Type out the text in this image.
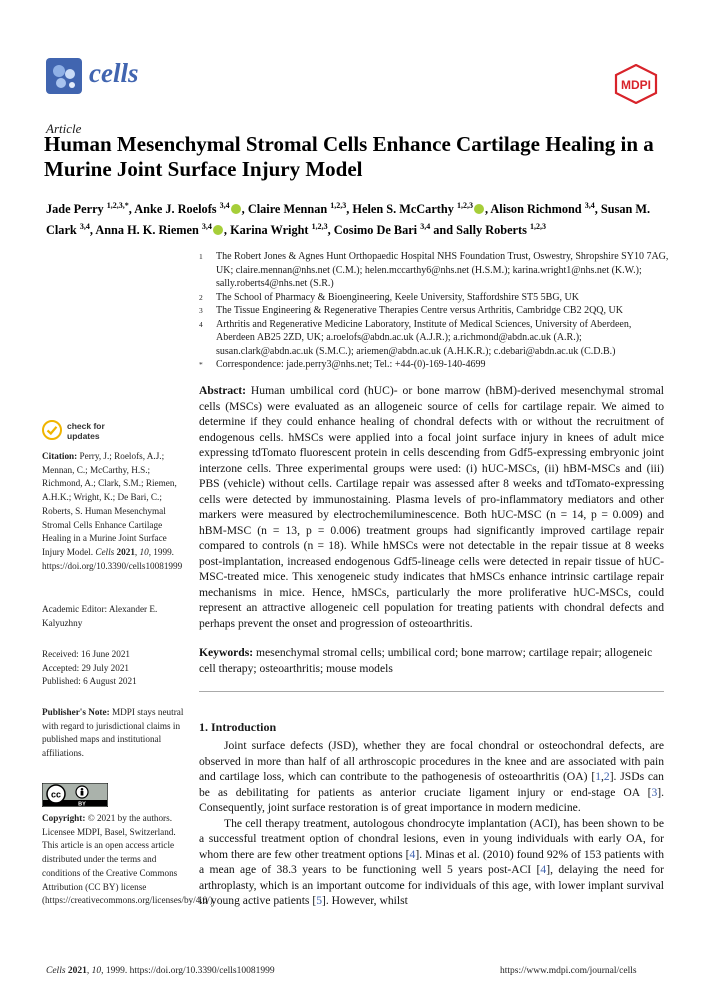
cells	MDPI
Article
Human Mesenchymal Stromal Cells Enhance Cartilage Healing in a Murine Joint Surface Injury Model
Jade Perry $^{1,2,3,*}$, Anke J. Roelofs $^{3,4}$ , Claire Mennan $^{1,2,3}$, Helen S. McCarthy $^{1,2,3}$ , Alison Richmond $^{3,4}$, Susan M. Clark $^{3,4}$, Anna H. K. Riemen $^{3,4}$ , Karina Wright $^{1,2,3}$, Cosimo De Bari $^{3,4}$ and Sally Roberts $^{1,2,3}$
1 The Robert Jones & Agnes Hunt Orthopaedic Hospital NHS Foundation Trust, Oswestry, Shropshire SY10 7AG, UK; claire.mennan@nhs.net (C.M.); helen.mccarthy6@nhs.net (H.S.M.); karina.wright1@nhs.net (K.W.); sally.roberts4@nhs.net (S.R.)
2 The School of Pharmacy & Bioengineering, Keele University, Staffordshire ST5 5BG, UK
3 The Tissue Engineering & Regenerative Therapies Centre versus Arthritis, Cambridge CB2 2QQ, UK
4 Arthritis and Regenerative Medicine Laboratory, Institute of Medical Sciences, University of Aberdeen, Aberdeen AB25 2ZD, UK; a.roelofs@abdn.ac.uk (A.J.R.); a.richmond@abdn.ac.uk (A.R.); susan.clark@abdn.ac.uk (S.M.C.); ariemen@abdn.ac.uk (A.H.K.R.); c.debari@abdn.ac.uk (C.D.B.)
* Correspondence: jade.perry3@nhs.net; Tel.: +44-(0)-169-140-4699
check for
updates
Citation: Perry, J.; Roelofs, A.J.; Mennan, C.; McCarthy, H.S.; Richmond, A.; Clark, S.M.; Riemen, A.H.K.; Wright, K.; De Bari, C.; Roberts, S. Human Mesenchymal Stromal Cells Enhance Cartilage Healing in a Murine Joint Surface Injury Model. Cells 2021, 10, 1999. https://doi.org/10.3390/cells10081999
Academic Editor: Alexander E. Kalyuzhny
Received: 16 June 2021
Accepted: 29 July 2021
Published: 6 August 2021
Publisher's Note: MDPI stays neutral with regard to jurisdictional claims in published maps and institutional affiliations.
cc
BY
Copyright: © 2021 by the authors. Licensee MDPI, Basel, Switzerland. This article is an open access article distributed under the terms and conditions of the Creative Commons Attribution (CC BY) license (https://creativecommons.org/licenses/by/4.0/).
Abstract: Human umbilical cord (hUC)- or bone marrow (hBM)-derived mesenchymal stromal cells (MSCs) were evaluated as an allogeneic source of cells for cartilage repair. We aimed to determine if they could enhance healing of chondral defects with or without the recruitment of endogenous cells. hMSCs were applied into a focal joint surface injury in knees of adult mice expressing tdTomato fluorescent protein in cells descending from Gdf5-expressing embryonic joint interzone cells. Three experimental groups were used: (i) hUC-MSCs, (ii) hBM-MSCs and (iii) PBS (vehicle) without cells. Cartilage repair was assessed after 8 weeks and tdTomato-expressing cells were detected by immunostaining. Plasma levels of pro-inflammatory mediators and other markers were measured by electrochemiluminescence. Both hUC-MSC (n = 14, p = 0.009) and hBM-MSC (n = 13, p = 0.006) treatment groups had significantly improved cartilage repair compared to controls (n = 18). While hMSCs were not detectable in the repair tissue at 8 weeks post-implantation, increased endogenous Gdf5-lineage cells were detected in repair tissue of hUC-MSC-treated mice. This xenogeneic study indicates that hMSCs enhance intrinsic cartilage repair mechanisms in mice. Hence, hMSCs, particularly the more proliferative hUC-MSCs, could represent an attractive allogeneic cell population for treating patients with chondral defects and perhaps prevent the onset and progression of osteoarthritis.
Keywords: mesenchymal stromal cells; umbilical cord; bone marrow; cartilage repair; allogeneic cell therapy; osteoarthritis; mouse models
1. Introduction
Joint surface defects (JSD), whether they are focal chondral or osteochondral defects, are observed in more than half of all arthroscopic procedures in the knee and are associated with pain and cartilage loss, which can contribute to the pathogenesis of osteoarthritis (OA) [1,2]. JSDs can be as debilitating for patients as anterior cruciate ligament injury or end-stage OA [3]. Consequently, joint surface restoration is of great importance in modern medicine.
The cell therapy treatment, autologous chondrocyte implantation (ACI), has been shown to be a successful treatment option of chondral lesions, even in young individuals with early OA, for whom there are few other treatment options [4]. Minas et al. (2010) found 92% of 153 patients with a mean age of 38.3 years to be functioning well 5 years post-ACI [4], delaying the need for arthroplasty, which is an important outcome for individuals of this age, with lower implant survival in young active patients [5]. However, whilst
Cells 2021, 10, 1999. https://doi.org/10.3390/cells10081999	https://www.mdpi.com/journal/cells
